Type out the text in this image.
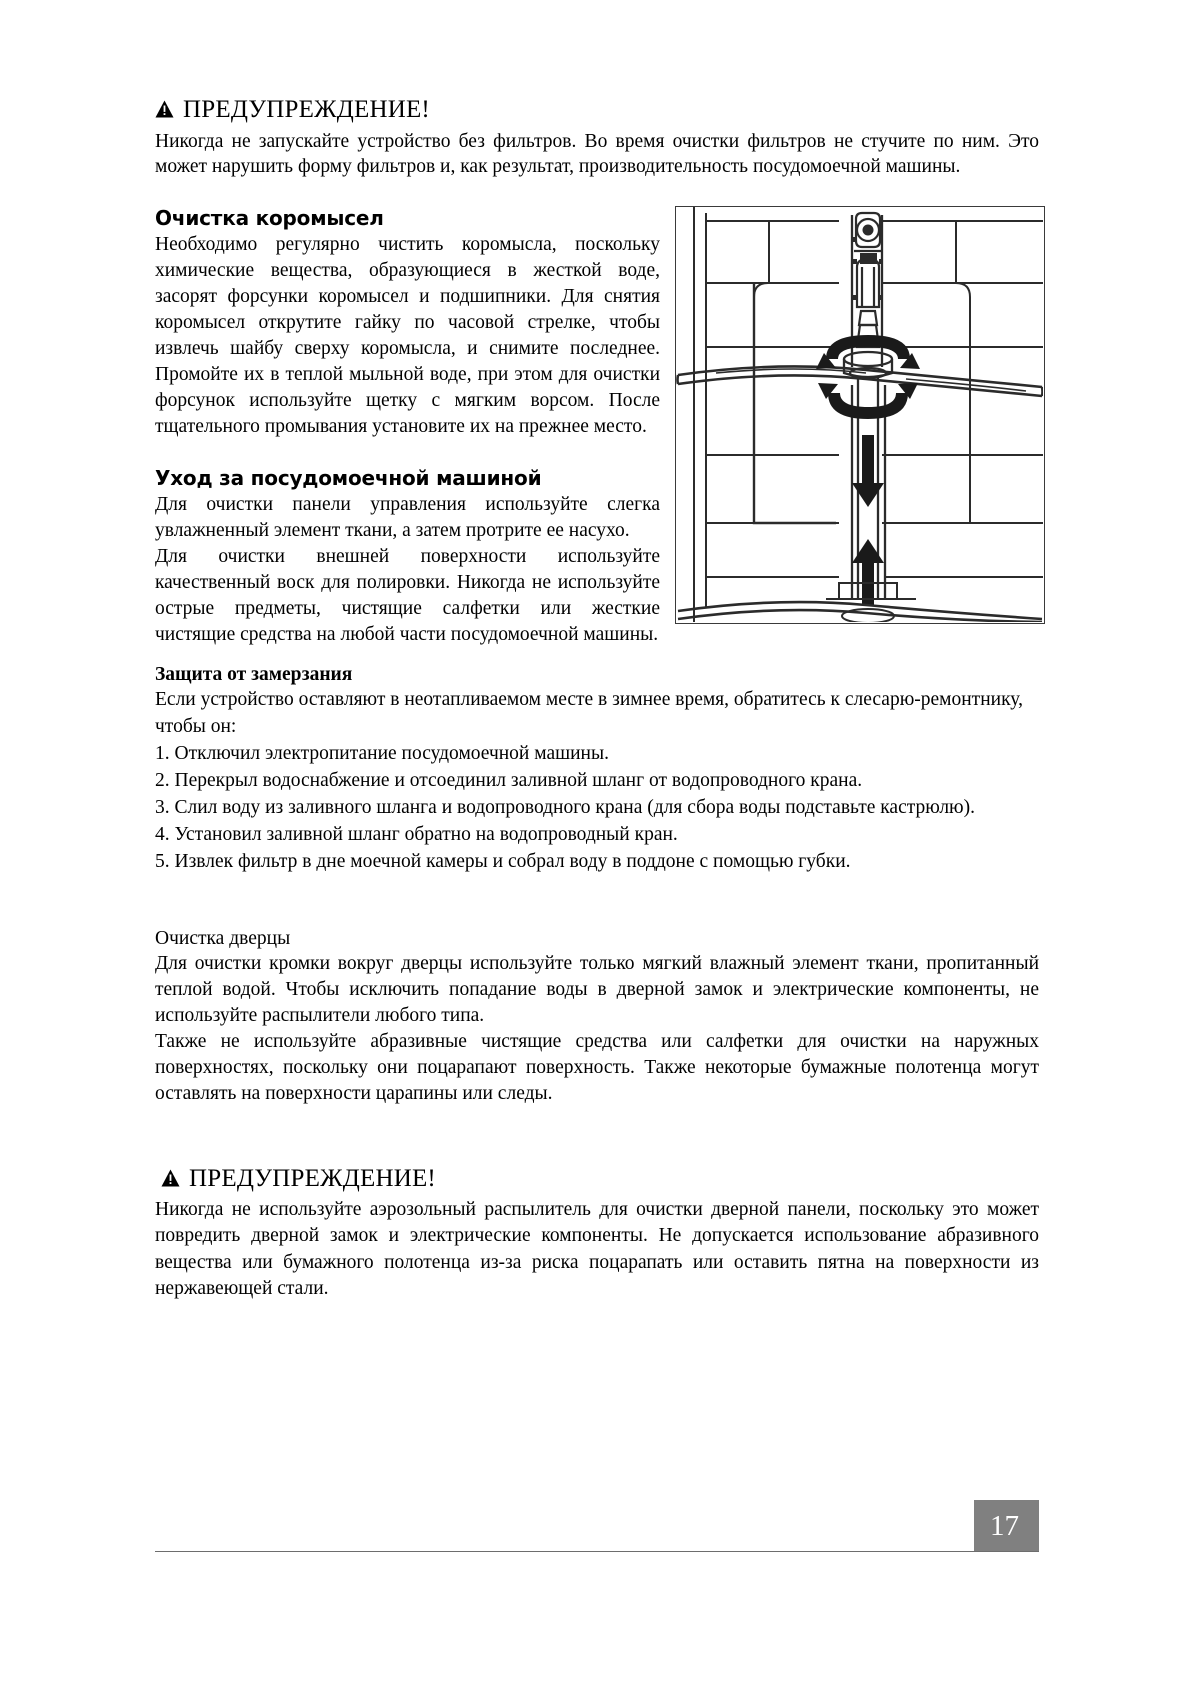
ПРЕДУПРЕЖДЕНИЕ!

Никогда не запускайте устройство без фильтров. Во время очистки фильтров не стучите по ним. Это может нарушить форму фильтров и, как результат, производительность посудомоечной машины.

Очистка коромысел

Необходимо регулярно чистить коромысла, поскольку химические вещества, образующиеся в жесткой воде, засорят форсунки коромысел и подшипники. Для снятия коромысел открутите гайку по часовой стрелке, чтобы извлечь шайбу сверху коромысла, и снимите последнее. Промойте их в теплой мыльной воде, при этом для очистки форсунок используйте щетку с мягким ворсом. После тщательного промывания установите их на прежнее место.

Уход за посудомоечной машиной

Для очистки панели управления используйте слегка увлажненный элемент ткани, а затем протрите ее насухо.

Для очистки внешней поверхности используйте качественный воск для полировки. Никогда не используйте острые предметы, чистящие салфетки или жесткие чистящие средства на любой части посудомоечной машины.

Защита от замерзания

Если устройство оставляют в неотапливаемом месте в зимнее время, обратитесь к слесарю-ремонтнику, чтобы он:

1. Отключил электропитание посудомоечной машины.

2. Перекрыл водоснабжение и отсоединил заливной шланг от водопроводного крана.

3. Слил воду из заливного шланга и водопроводного крана (для сбора воды подставьте кастрюлю).

4. Установил заливной шланг обратно на водопроводный кран.

5. Извлек фильтр в дне моечной камеры и собрал воду в поддоне с помощью губки.

Очистка дверцы

Для очистки кромки вокруг дверцы используйте только мягкий влажный элемент ткани, пропитанный теплой водой. Чтобы исключить попадание воды в дверной замок и электрические компоненты, не используйте распылители любого типа.

Также не используйте абразивные чистящие средства или салфетки для очистки на наружных поверхностях, поскольку они поцарапают поверхность. Также некоторые бумажные полотенца могут оставлять на поверхности царапины или следы.

ПРЕДУПРЕЖДЕНИЕ!

Никогда не используйте аэрозольный распылитель для очистки дверной панели, поскольку это может повредить дверной замок и электрические компоненты. Не допускается использование абразивного вещества или бумажного полотенца из-за риска поцарапать или оставить пятна на поверхности из нержавеющей стали.

17
